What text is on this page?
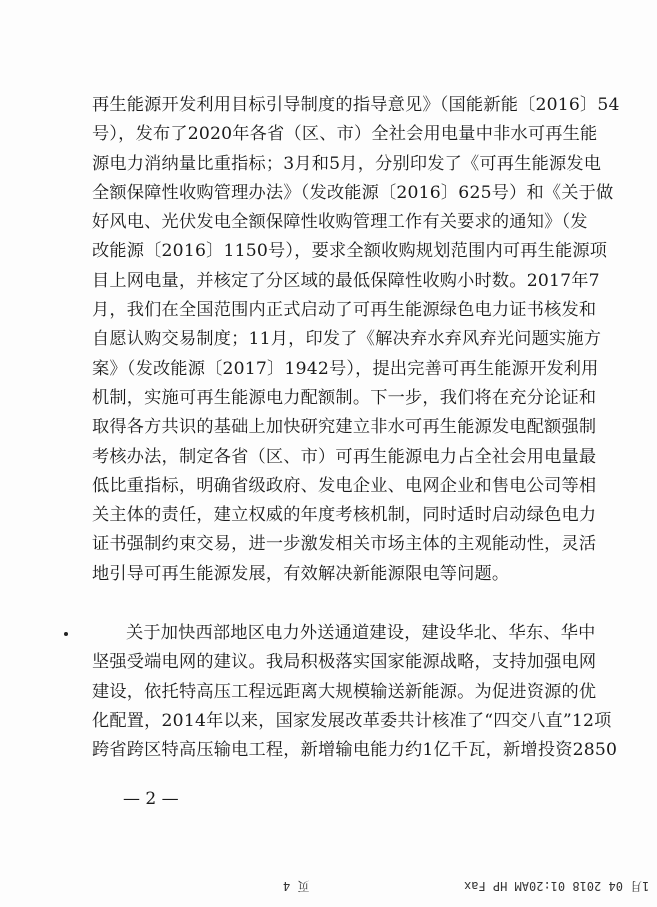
再生能源开发利用目标引导制度的指导意见》（国能新能〔2016〕54
号），发布了2020年各省（区、市）全社会用电量中非水可再生能
源电力消纳量比重指标；3月和5月，分别印发了《可再生能源发电
全额保障性收购管理办法》（发改能源〔2016〕625号）和《关于做
好风电、光伏发电全额保障性收购管理工作有关要求的通知》（发
改能源〔2016〕1150号），要求全额收购规划范围内可再生能源项
目上网电量，并核定了分区域的最低保障性收购小时数。2017年7
月，我们在全国范围内正式启动了可再生能源绿色电力证书核发和
自愿认购交易制度；11月，印发了《解决弃水弃风弃光问题实施方
案》（发改能源〔2017〕1942号），提出完善可再生能源开发利用
机制，实施可再生能源电力配额制。下一步，我们将在充分论证和
取得各方共识的基础上加快研究建立非水可再生能源发电配额强制
考核办法，制定各省（区、市）可再生能源电力占全社会用电量最
低比重指标，明确省级政府、发电企业、电网企业和售电公司等相
关主体的责任，建立权威的年度考核机制，同时适时启动绿色电力
证书强制约束交易，进一步激发相关市场主体的主观能动性，灵活
地引导可再生能源发展，有效解决新能源限电等问题。
关于加快西部地区电力外送通道建设，建设华北、华东、华中
坚强受端电网的建议。我局积极落实国家能源战略，支持加强电网
建设，依托特高压工程远距离大规模输送新能源。为促进资源的优
化配置，2014年以来，国家发展改革委共计核准了“四交八直”12项
跨省跨区特高压输电工程，新增输电能力约1亿千瓦，新增投资2850
— 2 —
页 4	1月 04 2018 01:20AM HP Fax
